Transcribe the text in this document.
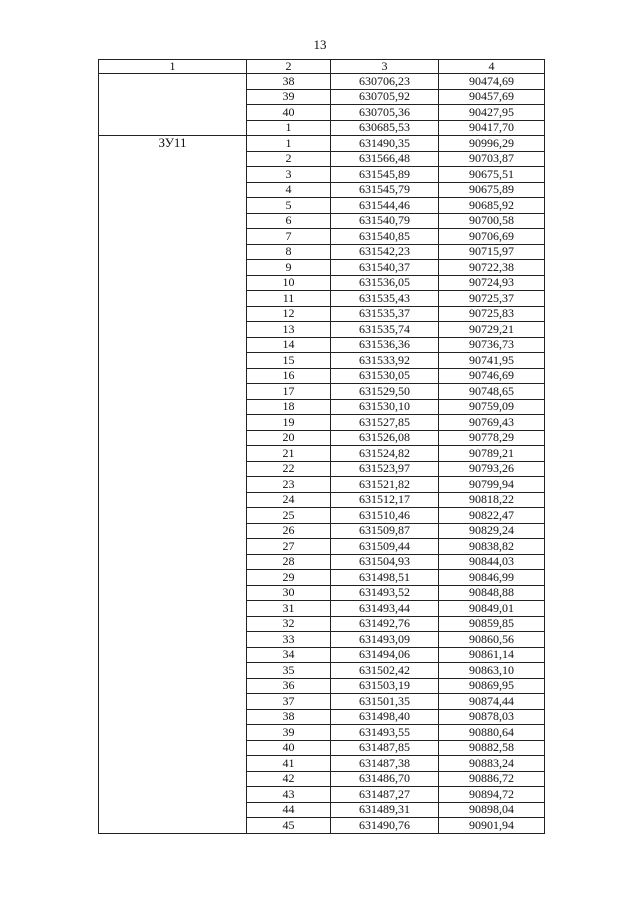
13
1	2	3	4
	38	630706,23	90474,69
	39	630705,92	90457,69
	40	630705,36	90427,95
	1	630685,53	90417,70
ЗУ11	1	631490,35	90996,29
	2	631566,48	90703,87
	3	631545,89	90675,51
	4	631545,79	90675,89
	5	631544,46	90685,92
	6	631540,79	90700,58
	7	631540,85	90706,69
	8	631542,23	90715,97
	9	631540,37	90722,38
	10	631536,05	90724,93
	11	631535,43	90725,37
	12	631535,37	90725,83
	13	631535,74	90729,21
	14	631536,36	90736,73
	15	631533,92	90741,95
	16	631530,05	90746,69
	17	631529,50	90748,65
	18	631530,10	90759,09
	19	631527,85	90769,43
	20	631526,08	90778,29
	21	631524,82	90789,21
	22	631523,97	90793,26
	23	631521,82	90799,94
	24	631512,17	90818,22
	25	631510,46	90822,47
	26	631509,87	90829,24
	27	631509,44	90838,82
	28	631504,93	90844,03
	29	631498,51	90846,99
	30	631493,52	90848,88
	31	631493,44	90849,01
	32	631492,76	90859,85
	33	631493,09	90860,56
	34	631494,06	90861,14
	35	631502,42	90863,10
	36	631503,19	90869,95
	37	631501,35	90874,44
	38	631498,40	90878,03
	39	631493,55	90880,64
	40	631487,85	90882,58
	41	631487,38	90883,24
	42	631486,70	90886,72
	43	631487,27	90894,72
	44	631489,31	90898,04
	45	631490,76	90901,94
